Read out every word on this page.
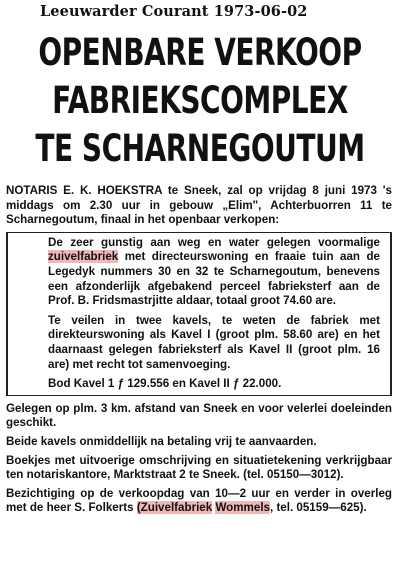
Leeuwarder Courant 1973-06-02
OPENBARE VERKOOP
FABRIEKSCOMPLEX
TE SCHARNEGOUTUM

NOTARIS E. K. HOEKSTRA te Sneek, zal op vrijdag 8 juni 1973 's middags om 2.30 uur in gebouw „Elim", Achterbuorren 11 te Scharnegoutum, finaal in het openbaar verkopen:

De zeer gunstig aan weg en water gelegen voormalige zuivelfabriek met directeurswoning en fraaie tuin aan de Legedyk nummers 30 en 32 te Scharnegoutum, benevens een afzonderlijk afgebakend perceel fabrieksterf aan de Prof. B. Fridsmastrjitte aldaar, totaal groot 74.60 are.

Te veilen in twee kavels, te weten de fabriek met direkteurswoning als Kavel I (groot plm. 58.60 are) en het daarnaast gelegen fabrieksterf als Kavel II (groot plm. 16 are) met recht tot samenvoeging.

Bod Kavel 1 ƒ 129.556 en Kavel II ƒ 22.000.

Gelegen op plm. 3 km. afstand van Sneek en voor velerlei doeleinden geschikt.

Beide kavels onmiddellijk na betaling vrij te aanvaarden.

Boekjes met uitvoerige omschrijving en situatietekening verkrijgbaar ten notariskantore, Marktstraat 2 te Sneek. (tel. 05150—3012).

Bezichtiging op de verkoopdag van 10—2 uur en verder in overleg met de heer S. Folkerts (Zuivelfabriek Wommels, tel. 05159—625).
